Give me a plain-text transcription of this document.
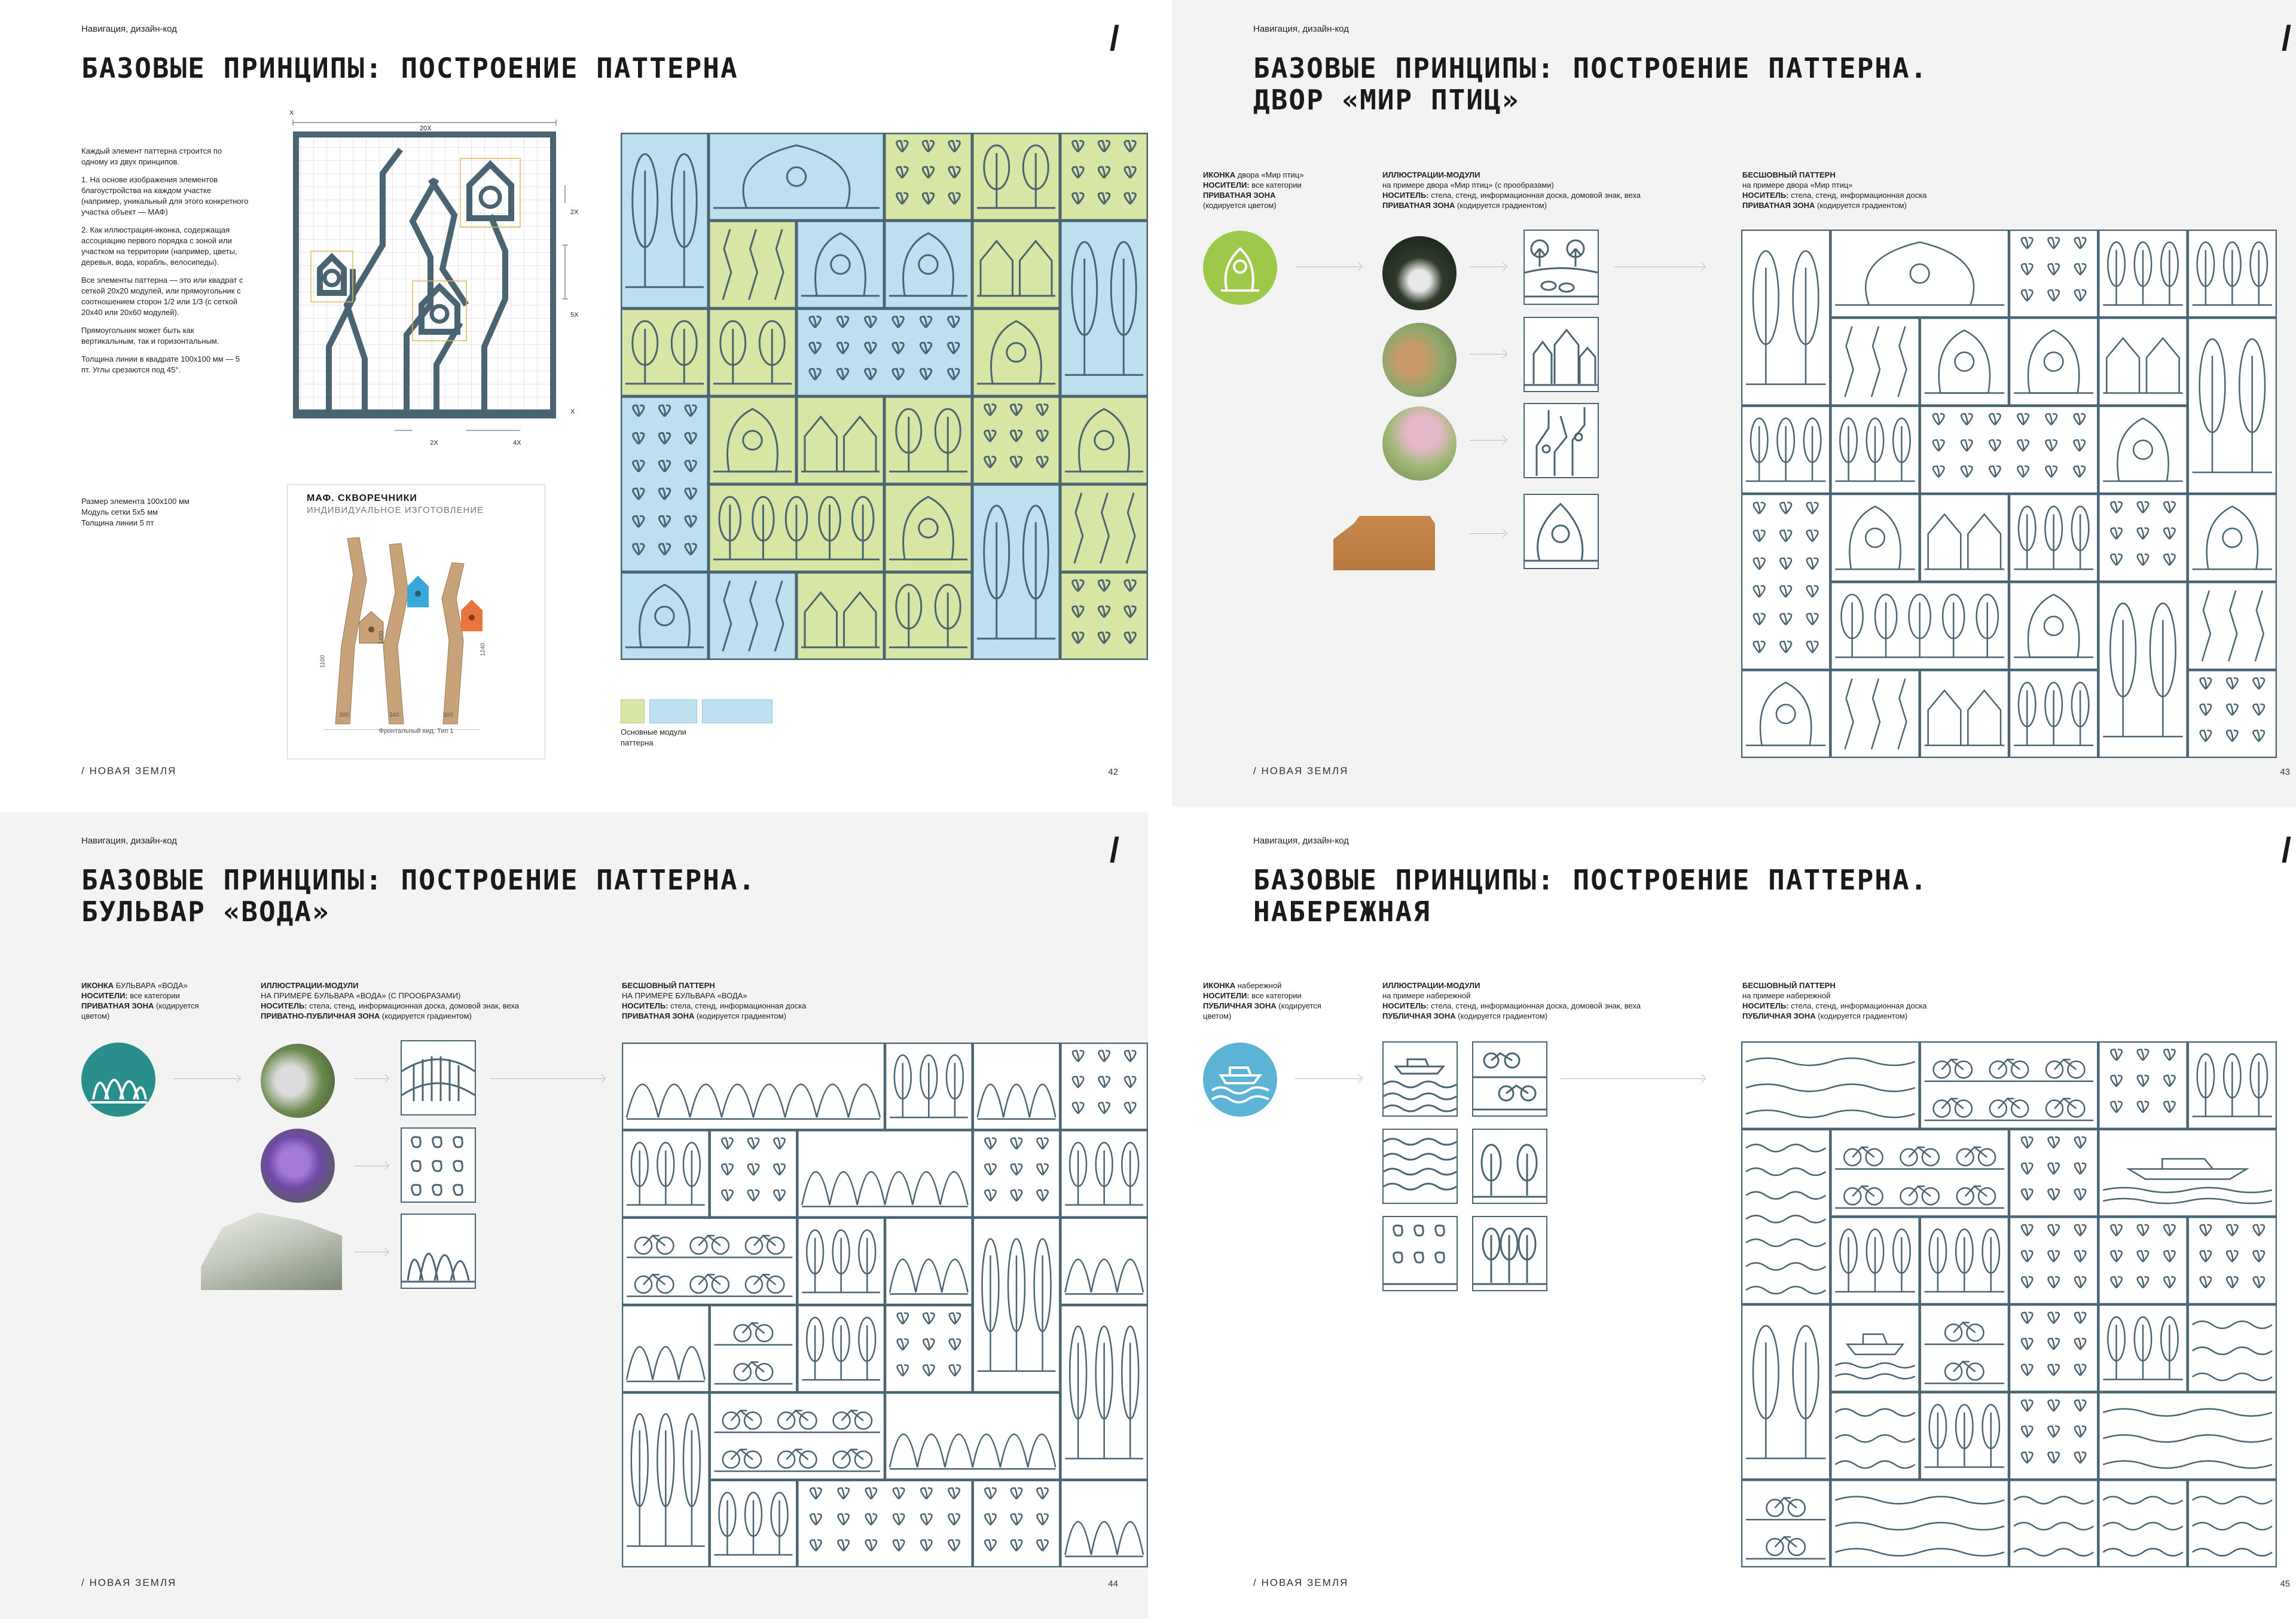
Навигация, дизайн-код	/
БАЗОВЫЕ ПРИНЦИПЫ: ПОСТРОЕНИЕ ПАТТЕРНА
Каждый элемент паттерна строится по одному из двух принципов.
1. На основе изображения элементов благоустройства на каждом участке (например, уникальный для этого конкретного участка объект — МАФ)
2. Как иллюстрация-иконка, содержащая ассоциацию первого порядка с зоной или участком на территории (например, цветы, деревья, вода, корабль, велосипеды).
Все элементы паттерна — это или квадрат с сеткой 20х20 модулей, или прямоугольник с соотношением сторон 1/2 или 1/3 (с сеткой 20х40 или 20х60 модулей).
Прямоугольник может быть как вертикальным, так и горизонтальным.
Толщина линии в квадрате 100х100 мм — 5 пт. Углы срезаются под 45°.
Размер элемента 100х100 мм
Модуль сетки 5х5 мм
Толщина линии 5 пт
X
20X
2X
5X
X
2X	4X
МАФ. СКВОРЕЧНИКИ
ИНДИВИДУАЛЬНОЕ ИЗГОТОВЛЕНИЕ
300	340	300
1100
1400
1240
Фронтальный вид. Тип 1	Основные модули паттерна
/ НОВАЯ ЗЕМЛЯ	42
Навигация, дизайн-код	/
БАЗОВЫЕ ПРИНЦИПЫ: ПОСТРОЕНИЕ ПАТТЕРНА.
ДВОР «МИР ПТИЦ»
ИКОНКА двора «Мир птиц»
НОСИТЕЛИ: все категории
ПРИВАТНАЯ ЗОНА
(кодируется цветом)
ИЛЛЮСТРАЦИИ-МОДУЛИ
на примере двора «Мир птиц» (с прообразами)
НОСИТЕЛЬ: стела, стенд, информационная доска, домовой знак, веха
ПРИВАТНАЯ ЗОНА (кодируется градиентом)
БЕСШОВНЫЙ ПАТТЕРН
на примере двора «Мир птиц»
НОСИТЕЛЬ: стела, стенд, информационная доска
ПРИВАТНАЯ ЗОНА (кодируется градиентом)
/ НОВАЯ ЗЕМЛЯ	43
Навигация, дизайн-код	/
БАЗОВЫЕ ПРИНЦИПЫ: ПОСТРОЕНИЕ ПАТТЕРНА.
БУЛЬВАР «ВОДА»
ИКОНКА БУЛЬВАРА «ВОДА»
НОСИТЕЛИ: все категории
ПРИВАТНАЯ ЗОНА (кодируется цветом)
ИЛЛЮСТРАЦИИ-МОДУЛИ
НА ПРИМЕРЕ БУЛЬВАРА «ВОДА» (С ПРООБРАЗАМИ)
НОСИТЕЛЬ: стела, стенд, информационная доска, домовой знак, веха
ПРИВАТНО-ПУБЛИЧНАЯ ЗОНА (кодируется градиентом)
БЕСШОВНЫЙ ПАТТЕРН
НА ПРИМЕРЕ БУЛЬВАРА «ВОДА»
НОСИТЕЛЬ: стела, стенд, информационная доска
ПРИВАТНАЯ ЗОНА (кодируется градиентом)
/ НОВАЯ ЗЕМЛЯ	44
Навигация, дизайн-код	/
БАЗОВЫЕ ПРИНЦИПЫ: ПОСТРОЕНИЕ ПАТТЕРНА.
НАБЕРЕЖНАЯ
ИКОНКА набережной
НОСИТЕЛИ: все категории
ПУБЛИЧНАЯ ЗОНА (кодируется цветом)
ИЛЛЮСТРАЦИИ-МОДУЛИ
на примере набережной
НОСИТЕЛЬ: стела, стенд, информационная доска, домовой знак, веха
ПУБЛИЧНАЯ ЗОНА (кодируется градиентом)
БЕСШОВНЫЙ ПАТТЕРН
на примере набережной
НОСИТЕЛЬ: стела, стенд, информационная доска
ПУБЛИЧНАЯ ЗОНА (кодируется градиентом)
/ НОВАЯ ЗЕМЛЯ	45
